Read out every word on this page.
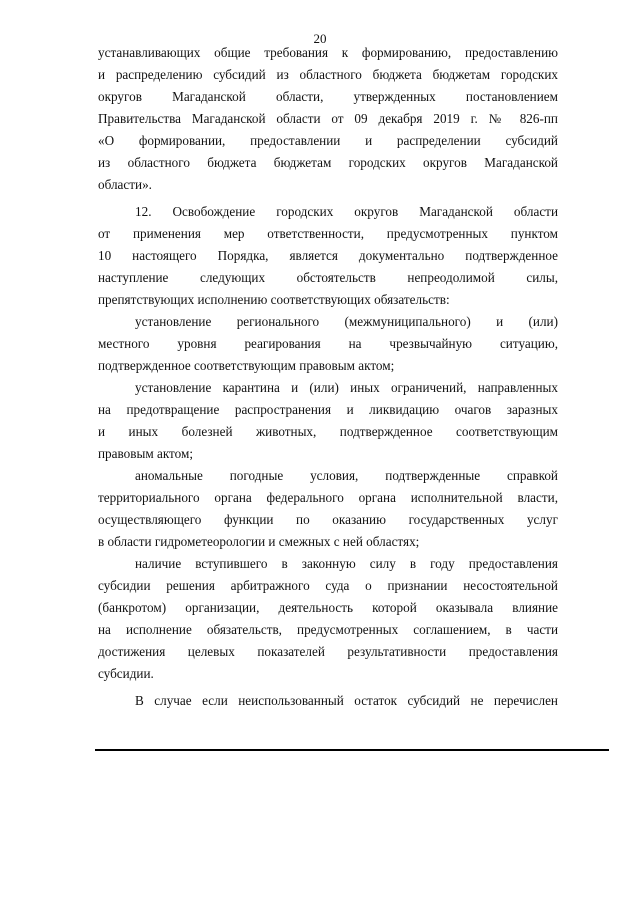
20
устанавливающих общие требования к формированию, предоставлению
и распределению субсидий из областного бюджета бюджетам городских
округов Магаданской области, утвержденных постановлением
Правительства Магаданской области от 09 декабря 2019 г. № 826-пп
«О формировании, предоставлении и распределении субсидий
из областного бюджета бюджетам городских округов Магаданской
области».
12. Освобождение городских округов Магаданской области
от применения мер ответственности, предусмотренных пунктом
10 настоящего Порядка, является документально подтвержденное
наступление следующих обстоятельств непреодолимой силы,
препятствующих исполнению соответствующих обязательств:
установление регионального (межмуниципального) и (или)
местного уровня реагирования на чрезвычайную ситуацию,
подтвержденное соответствующим правовым актом;
установление карантина и (или) иных ограничений, направленных
на предотвращение распространения и ликвидацию очагов заразных
и иных болезней животных, подтвержденное соответствующим
правовым актом;
аномальные погодные условия, подтвержденные справкой
территориального органа федерального органа исполнительной власти,
осуществляющего функции по оказанию государственных услуг
в области гидрометеорологии и смежных с ней областях;
наличие вступившего в законную силу в году предоставления
субсидии решения арбитражного суда о признании несостоятельной
(банкротом) организации, деятельность которой оказывала влияние
на исполнение обязательств, предусмотренных соглашением, в части
достижения целевых показателей результативности предоставления
субсидии.
В случае если неиспользованный остаток субсидий не перечислен
